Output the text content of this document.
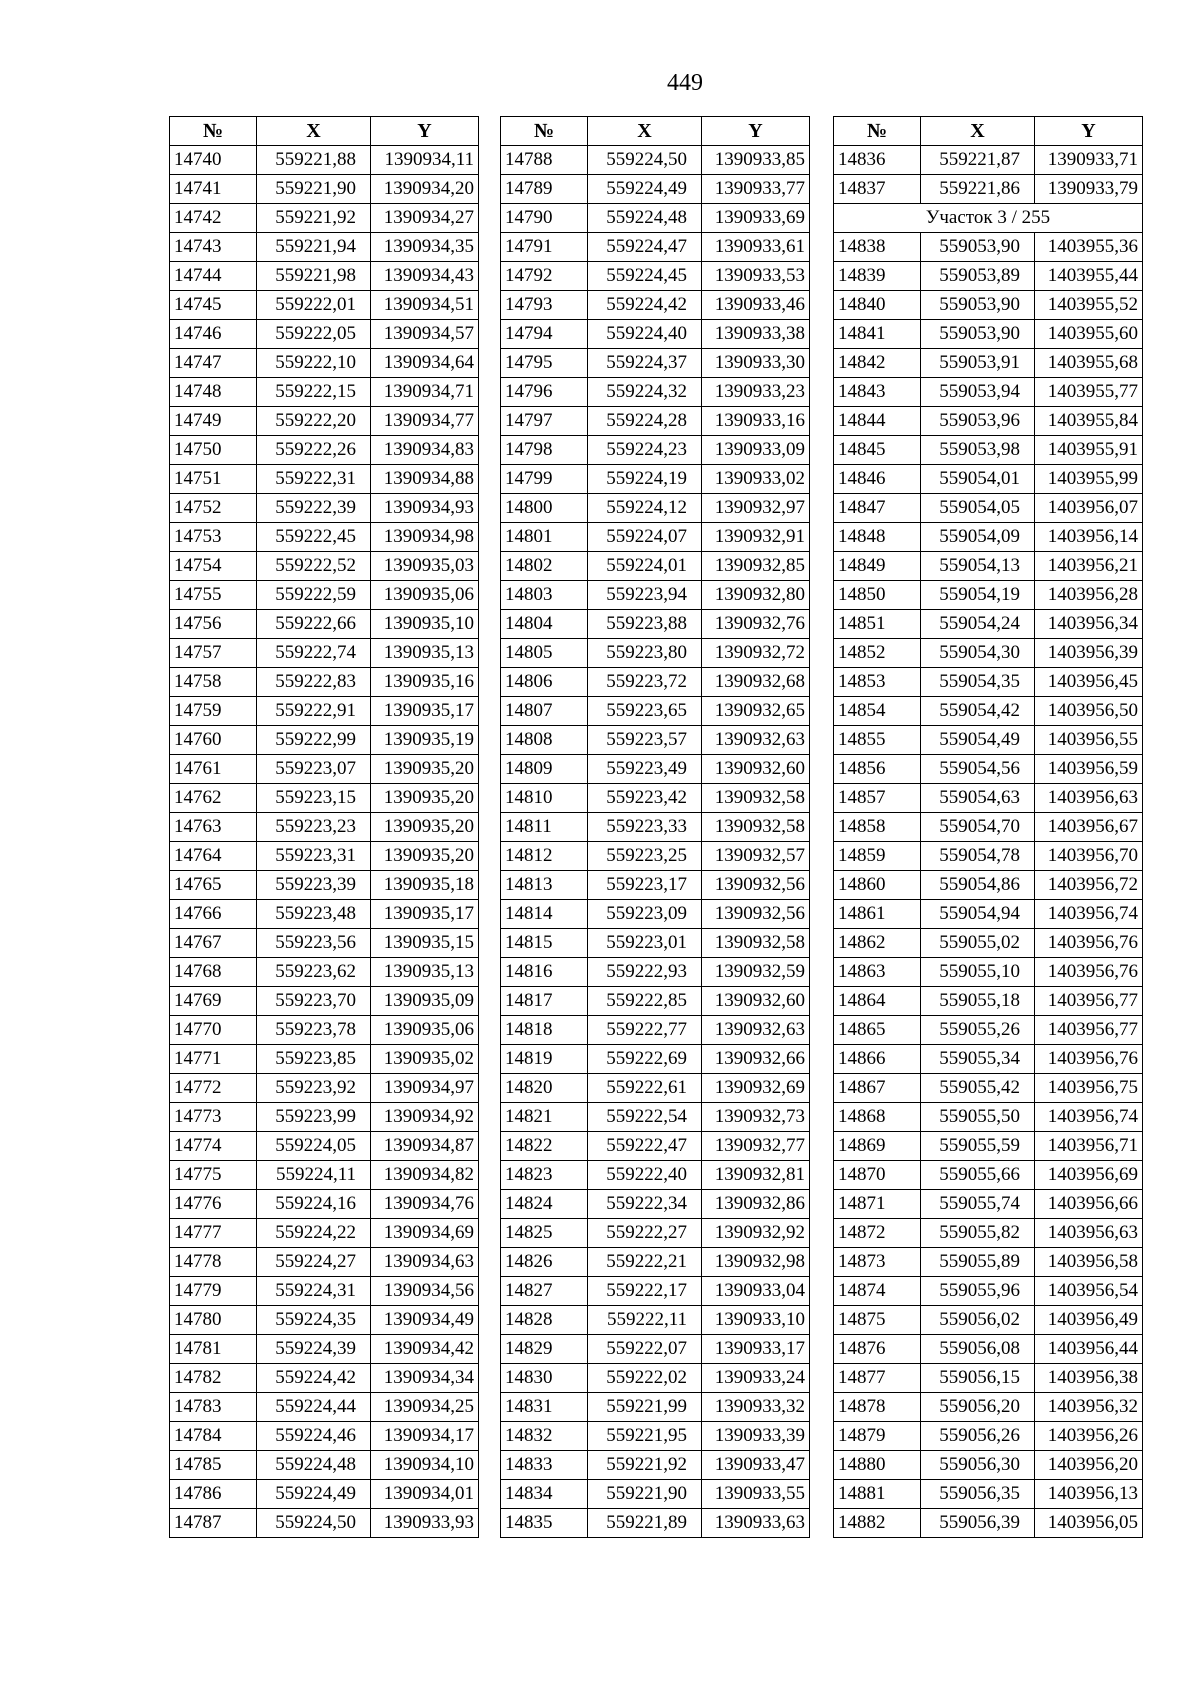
449
№	X	Y
14740	559221,88	1390934,11
14741	559221,90	1390934,20
14742	559221,92	1390934,27
14743	559221,94	1390934,35
14744	559221,98	1390934,43
14745	559222,01	1390934,51
14746	559222,05	1390934,57
14747	559222,10	1390934,64
14748	559222,15	1390934,71
14749	559222,20	1390934,77
14750	559222,26	1390934,83
14751	559222,31	1390934,88
14752	559222,39	1390934,93
14753	559222,45	1390934,98
14754	559222,52	1390935,03
14755	559222,59	1390935,06
14756	559222,66	1390935,10
14757	559222,74	1390935,13
14758	559222,83	1390935,16
14759	559222,91	1390935,17
14760	559222,99	1390935,19
14761	559223,07	1390935,20
14762	559223,15	1390935,20
14763	559223,23	1390935,20
14764	559223,31	1390935,20
14765	559223,39	1390935,18
14766	559223,48	1390935,17
14767	559223,56	1390935,15
14768	559223,62	1390935,13
14769	559223,70	1390935,09
14770	559223,78	1390935,06
14771	559223,85	1390935,02
14772	559223,92	1390934,97
14773	559223,99	1390934,92
14774	559224,05	1390934,87
14775	559224,11	1390934,82
14776	559224,16	1390934,76
14777	559224,22	1390934,69
14778	559224,27	1390934,63
14779	559224,31	1390934,56
14780	559224,35	1390934,49
14781	559224,39	1390934,42
14782	559224,42	1390934,34
14783	559224,44	1390934,25
14784	559224,46	1390934,17
14785	559224,48	1390934,10
14786	559224,49	1390934,01
14787	559224,50	1390933,93
№	X	Y
14788	559224,50	1390933,85
14789	559224,49	1390933,77
14790	559224,48	1390933,69
14791	559224,47	1390933,61
14792	559224,45	1390933,53
14793	559224,42	1390933,46
14794	559224,40	1390933,38
14795	559224,37	1390933,30
14796	559224,32	1390933,23
14797	559224,28	1390933,16
14798	559224,23	1390933,09
14799	559224,19	1390933,02
14800	559224,12	1390932,97
14801	559224,07	1390932,91
14802	559224,01	1390932,85
14803	559223,94	1390932,80
14804	559223,88	1390932,76
14805	559223,80	1390932,72
14806	559223,72	1390932,68
14807	559223,65	1390932,65
14808	559223,57	1390932,63
14809	559223,49	1390932,60
14810	559223,42	1390932,58
14811	559223,33	1390932,58
14812	559223,25	1390932,57
14813	559223,17	1390932,56
14814	559223,09	1390932,56
14815	559223,01	1390932,58
14816	559222,93	1390932,59
14817	559222,85	1390932,60
14818	559222,77	1390932,63
14819	559222,69	1390932,66
14820	559222,61	1390932,69
14821	559222,54	1390932,73
14822	559222,47	1390932,77
14823	559222,40	1390932,81
14824	559222,34	1390932,86
14825	559222,27	1390932,92
14826	559222,21	1390932,98
14827	559222,17	1390933,04
14828	559222,11	1390933,10
14829	559222,07	1390933,17
14830	559222,02	1390933,24
14831	559221,99	1390933,32
14832	559221,95	1390933,39
14833	559221,92	1390933,47
14834	559221,90	1390933,55
14835	559221,89	1390933,63
№	X	Y
14836	559221,87	1390933,71
14837	559221,86	1390933,79
Участок 3 / 255		
14838	559053,90	1403955,36
14839	559053,89	1403955,44
14840	559053,90	1403955,52
14841	559053,90	1403955,60
14842	559053,91	1403955,68
14843	559053,94	1403955,77
14844	559053,96	1403955,84
14845	559053,98	1403955,91
14846	559054,01	1403955,99
14847	559054,05	1403956,07
14848	559054,09	1403956,14
14849	559054,13	1403956,21
14850	559054,19	1403956,28
14851	559054,24	1403956,34
14852	559054,30	1403956,39
14853	559054,35	1403956,45
14854	559054,42	1403956,50
14855	559054,49	1403956,55
14856	559054,56	1403956,59
14857	559054,63	1403956,63
14858	559054,70	1403956,67
14859	559054,78	1403956,70
14860	559054,86	1403956,72
14861	559054,94	1403956,74
14862	559055,02	1403956,76
14863	559055,10	1403956,76
14864	559055,18	1403956,77
14865	559055,26	1403956,77
14866	559055,34	1403956,76
14867	559055,42	1403956,75
14868	559055,50	1403956,74
14869	559055,59	1403956,71
14870	559055,66	1403956,69
14871	559055,74	1403956,66
14872	559055,82	1403956,63
14873	559055,89	1403956,58
14874	559055,96	1403956,54
14875	559056,02	1403956,49
14876	559056,08	1403956,44
14877	559056,15	1403956,38
14878	559056,20	1403956,32
14879	559056,26	1403956,26
14880	559056,30	1403956,20
14881	559056,35	1403956,13
14882	559056,39	1403956,05
